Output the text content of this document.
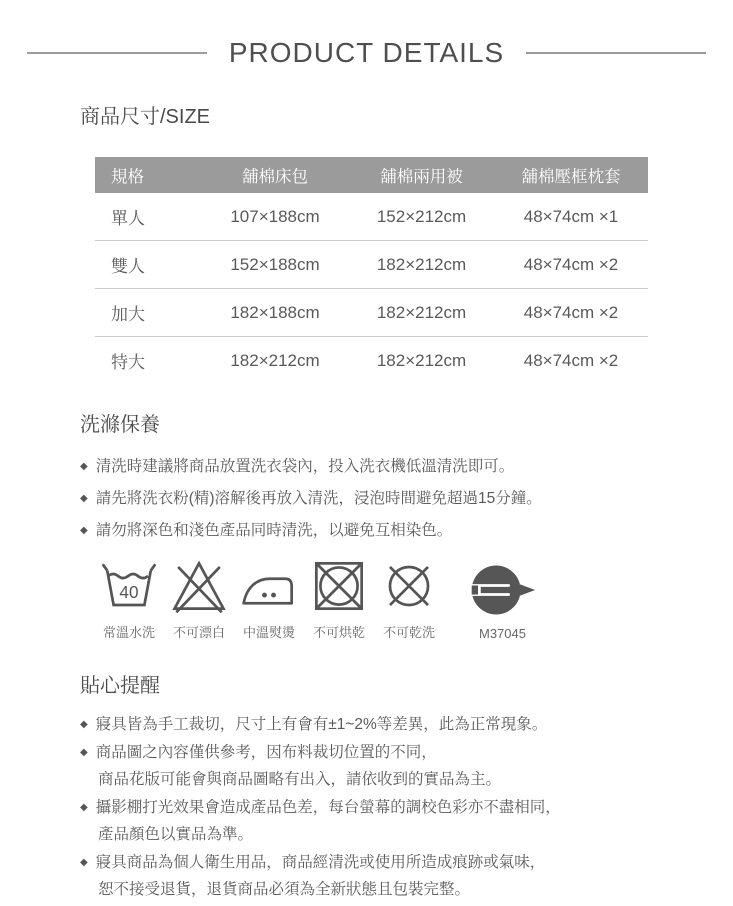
PRODUCT DETAILS
商品尺寸/SIZE
規格	舖棉床包	舖棉兩用被	舖棉壓框枕套
單人	107×188cm	152×212cm	48×74cm ×1
雙人	152×188cm	182×212cm	48×74cm ×2
加大	182×188cm	182×212cm	48×74cm ×2
特大	182×212cm	182×212cm	48×74cm ×2
洗滌保養
◆ 清洗時建議將商品放置洗衣袋內，投入洗衣機低溫清洗即可。
◆ 請先將洗衣粉(精)溶解後再放入清洗，浸泡時間避免超過15分鐘。
◆ 請勿將深色和淺色產品同時清洗，以避免互相染色。
40
常溫水洗 不可漂白 中溫熨燙 不可烘乾 不可乾洗	M37045
貼心提醒
◆ 寢具皆為手工裁切，尺寸上有會有±1~2%等差異，此為正常現象。
◆ 商品圖之內容僅供參考，因布料裁切位置的不同，
商品花版可能會與商品圖略有出入，請依收到的實品為主。
◆ 攝影棚打光效果會造成產品色差，每台螢幕的調校色彩亦不盡相同，
產品顏色以實品為準。
◆ 寢具商品為個人衛生用品，商品經清洗或使用所造成痕跡或氣味，
恕不接受退貨，退貨商品必須為全新狀態且包裝完整。
